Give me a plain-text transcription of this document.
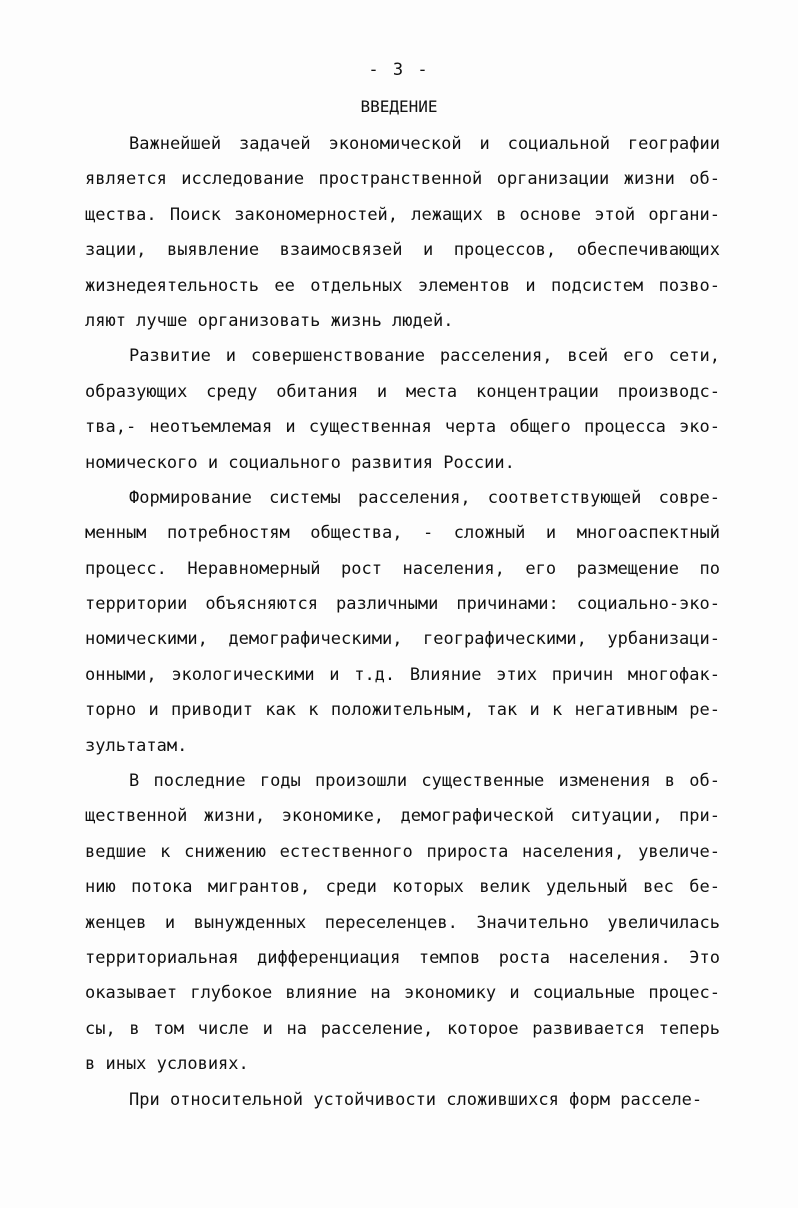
- 3 -
ВВЕДЕНИЕ
Важнейшей задачей экономической и социальной географии
является исследование пространственной организации жизни об-
щества. Поиск закономерностей, лежащих в основе этой органи-
зации, выявление взаимосвязей и процессов, обеспечивающих
жизнедеятельность ее отдельных элементов и подсистем позво-
ляют лучше организовать жизнь людей.
Развитие и совершенствование расселения, всей его сети,
образующих среду обитания и места концентрации производс-
тва,- неотъемлемая и существенная черта общего процесса эко-
номического и социального развития России.
Формирование системы расселения, соответствующей совре-
менным потребностям общества, - сложный и многоаспектный
процесс. Неравномерный рост населения, его размещение по
территории объясняются различными причинами: социально-эко-
номическими, демографическими, географическими, урбанизаци-
онными, экологическими и т.д. Влияние этих причин многофак-
торно и приводит как к положительным, так и к негативным ре-
зультатам.
В последние годы произошли существенные изменения в об-
щественной жизни, экономике, демографической ситуации, при-
ведшие к снижению естественного прироста населения, увеличе-
нию потока мигрантов, среди которых велик удельный вес бе-
женцев и вынужденных переселенцев. Значительно увеличилась
территориальная дифференциация темпов роста населения. Это
оказывает глубокое влияние на экономику и социальные процес-
сы, в том числе и на расселение, которое развивается теперь
в иных условиях.
При относительной устойчивости сложившихся форм расселе-
